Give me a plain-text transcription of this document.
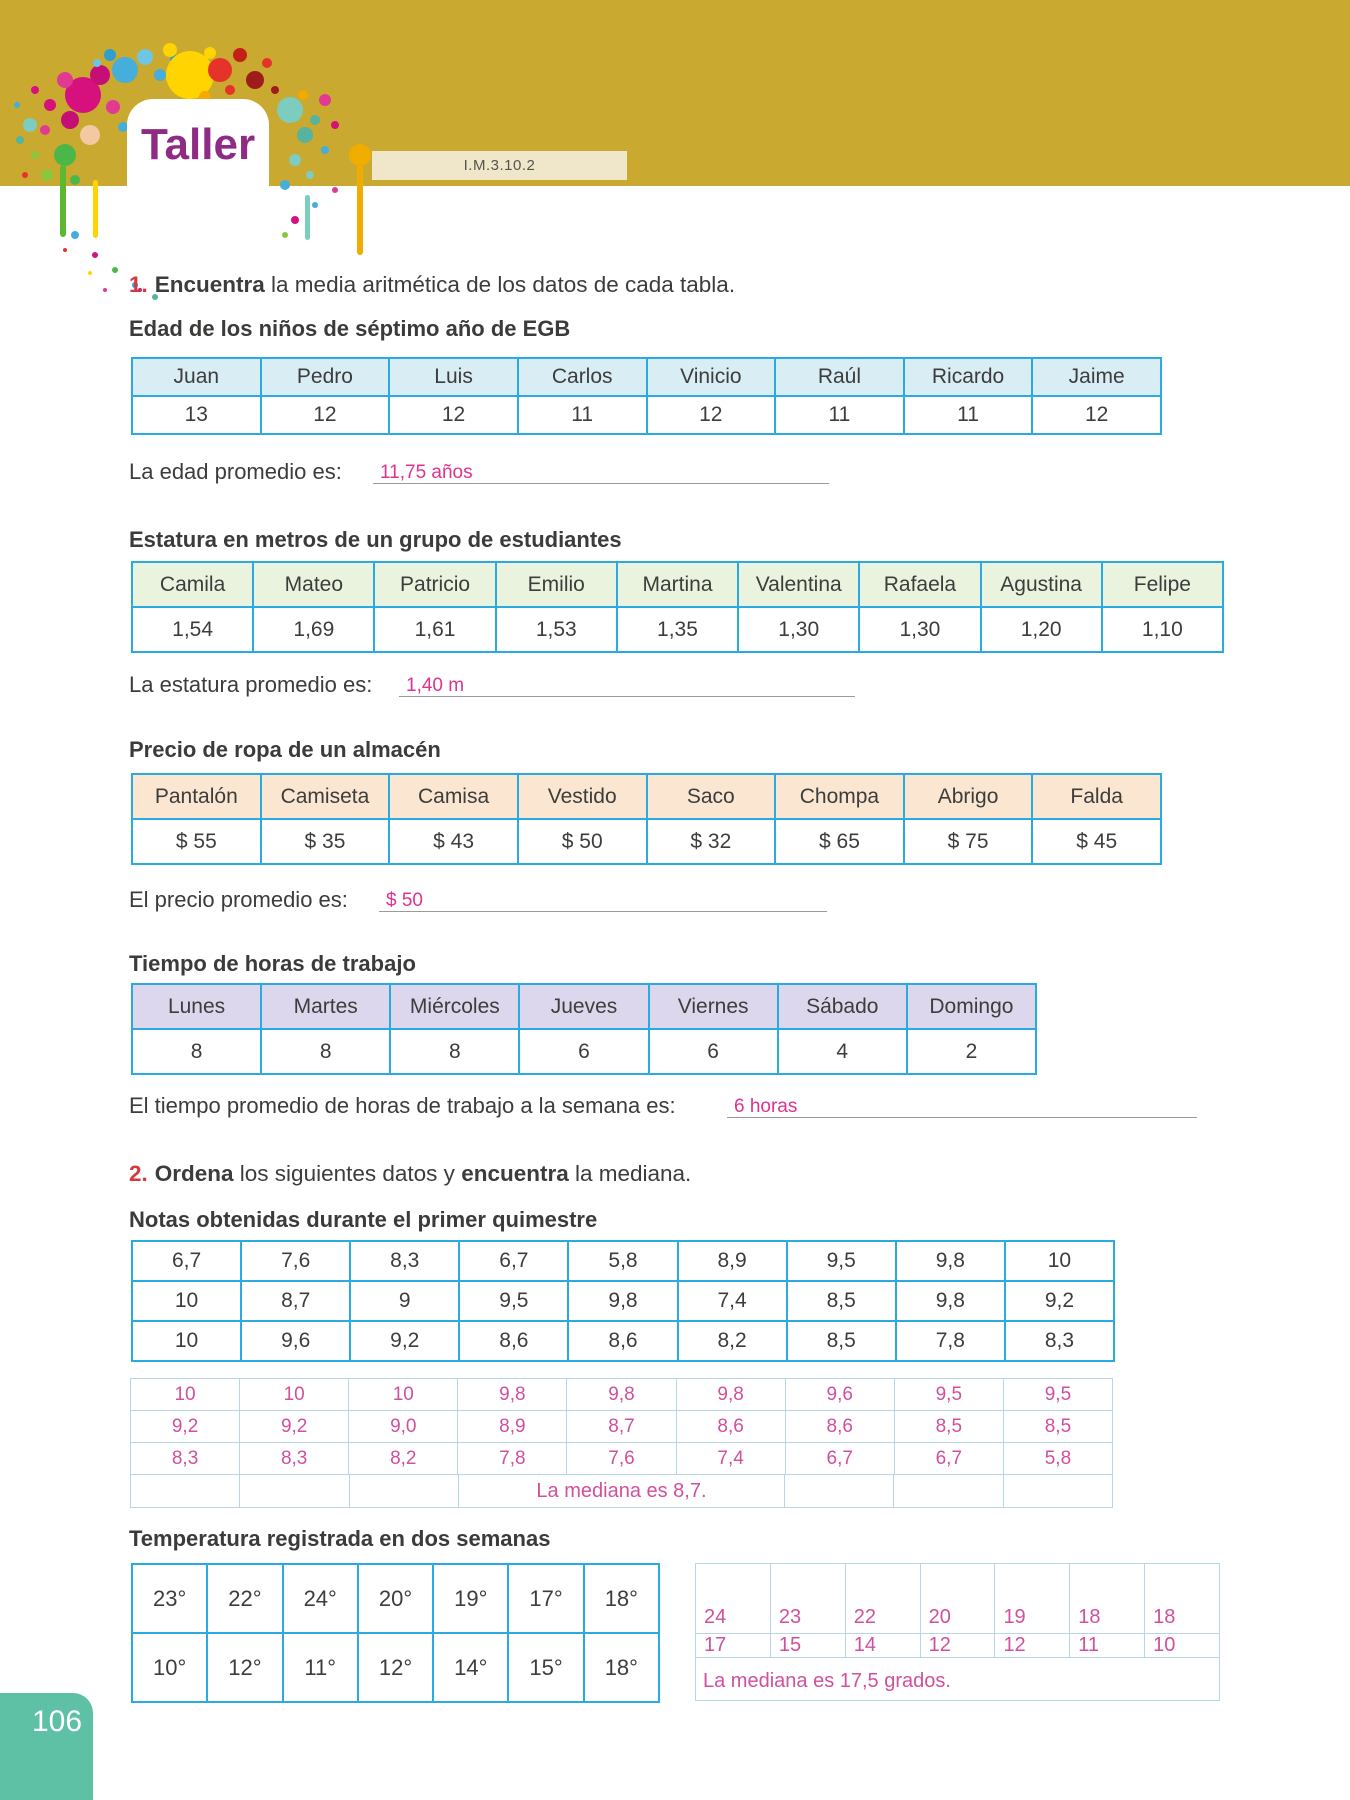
Taller	I.M.3.10.2
1. Encuentra la media aritmética de los datos de cada tabla.
Edad de los niños de séptimo año de EGB
Juan	Pedro	Luis	Carlos	Vinicio	Raúl	Ricardo	Jaime
13	12	12	11	12	11	11	12
La edad promedio es:	11,75 años
Estatura en metros de un grupo de estudiantes
Camila	Mateo	Patricio	Emilio	Martina	Valentina	Rafaela	Agustina	Felipe
1,54	1,69	1,61	1,53	1,35	1,30	1,30	1,20	1,10
La estatura promedio es:	1,40 m
Precio de ropa de un almacén
Pantalón	Camiseta	Camisa	Vestido	Saco	Chompa	Abrigo	Falda
$ 55	$ 35	$ 43	$ 50	$ 32	$ 65	$ 75	$ 45
El precio promedio es:	$ 50
Tiempo de horas de trabajo
Lunes	Martes	Miércoles	Jueves	Viernes	Sábado	Domingo
8	8	8	6	6	4	2
El tiempo promedio de horas de trabajo a la semana es:	6 horas
2. Ordena los siguientes datos y encuentra la mediana.
Notas obtenidas durante el primer quimestre
6,7	7,6	8,3	6,7	5,8	8,9	9,5	9,8	10
10	8,7	9	9,5	9,8	7,4	8,5	9,8	9,2
10	9,6	9,2	8,6	8,6	8,2	8,5	7,8	8,3
10	10	10	9,8	9,8	9,8	9,6	9,5	9,5
9,2	9,2	9,0	8,9	8,7	8,6	8,6	8,5	8,5
8,3	8,3	8,2	7,8	7,6	7,4	6,7	6,7	5,8
La mediana es 8,7.
Temperatura registrada en dos semanas
23°	22°	24°	20°	19°	17°	18°
10°	12°	11°	12°	14°	15°	18°
24	23	22	20	19	18	18
17	15	14	12	12	11	10
La mediana es 17,5 grados.
106
